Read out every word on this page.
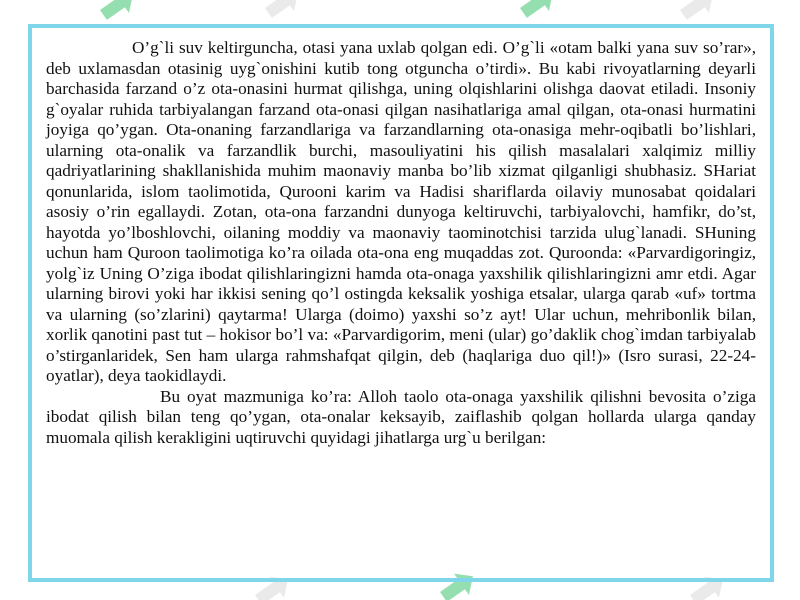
O’g`li suv keltirguncha, otasi yana uxlab qolgan edi. O’g`li «otam balki yana suv so’rar», deb uxlamasdan otasinig uyg`onishini kutib tong otguncha o’tirdi». Bu kabi rivoyatlarning deyarli barchasida farzand o’z ota-onasini hurmat qilishga, uning olqishlarini olishga daovat etiladi. Insoniy g`oyalar ruhida tarbiyalangan farzand ota-onasi qilgan nasihatlariga amal qilgan, ota-onasi hurmatini joyiga qo’ygan. Ota-onaning farzandlariga va farzandlarning ota-onasiga mehr-oqibatli bo’lishlari, ularning ota-onalik va farzandlik burchi, masouliyatini his qilish masalalari xalqimiz milliy qadriyatlarining shakllanishida muhim maonaviy manba bo’lib xizmat qilganligi shubhasiz. SHariat qonunlarida, islom taolimotida, Qurooni karim va Hadisi shariflarda oilaviy munosabat qoidalari asosiy o’rin egallaydi. Zotan, ota-ona farzandni dunyoga keltiruvchi, tarbiyalovchi, hamfikr, do’st, hayotda yo’lboshlovchi, oilaning moddiy va maonaviy taominotchisi tarzida ulug`lanadi. SHuning uchun ham Quroon taolimotiga ko’ra oilada ota-ona eng muqaddas zot. Quroonda: «Parvardigoringiz, yolg`iz Uning O’ziga ibodat qilishlaringizni hamda ota-onaga yaxshilik qilishlaringizni amr etdi. Agar ularning birovi yoki har ikkisi sening qo’l ostingda keksalik yoshiga etsalar, ularga qarab «uf» tortma va ularning (so’zlarini) qaytarma! Ularga (doimo) yaxshi so’z ayt! Ular uchun, mehribonlik bilan, xorlik qanotini past tut – hokisor bo’l va: «Parvardigorim, meni (ular) go’daklik chog`imdan tarbiyalab o’stirganlaridek, Sen ham ularga rahmshafqat qilgin, deb (haqlariga duo qil!)» (Isro surasi, 22-24-oyatlar), deya taokidlaydi.

Bu oyat mazmuniga ko’ra: Alloh taolo ota-onaga yaxshilik qilishni bevosita o’ziga ibodat qilish bilan teng qo’ygan, ota-onalar keksayib, zaiflashib qolgan hollarda ularga qanday muomala qilish kerakligini uqtiruvchi quyidagi jihatlarga urg`u berilgan:
